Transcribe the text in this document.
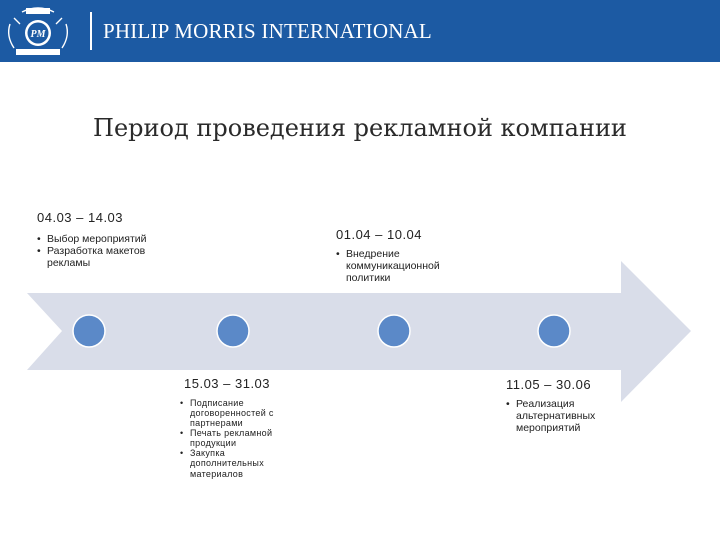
PM	PHILIP MORRIS INTERNATIONAL
Период проведения рекламной компании
04.03 – 14.03
• Выбор мероприятий
• Разработка макетов рекламы
15.03 – 31.03
• Подписание договоренностей с партнерами
• Печать рекламной продукции
• Закупка дополнительных материалов
01.04 – 10.04
• Внедрение коммуникационной политики
11.05 – 30.06
• Реализация альтернативных мероприятий
